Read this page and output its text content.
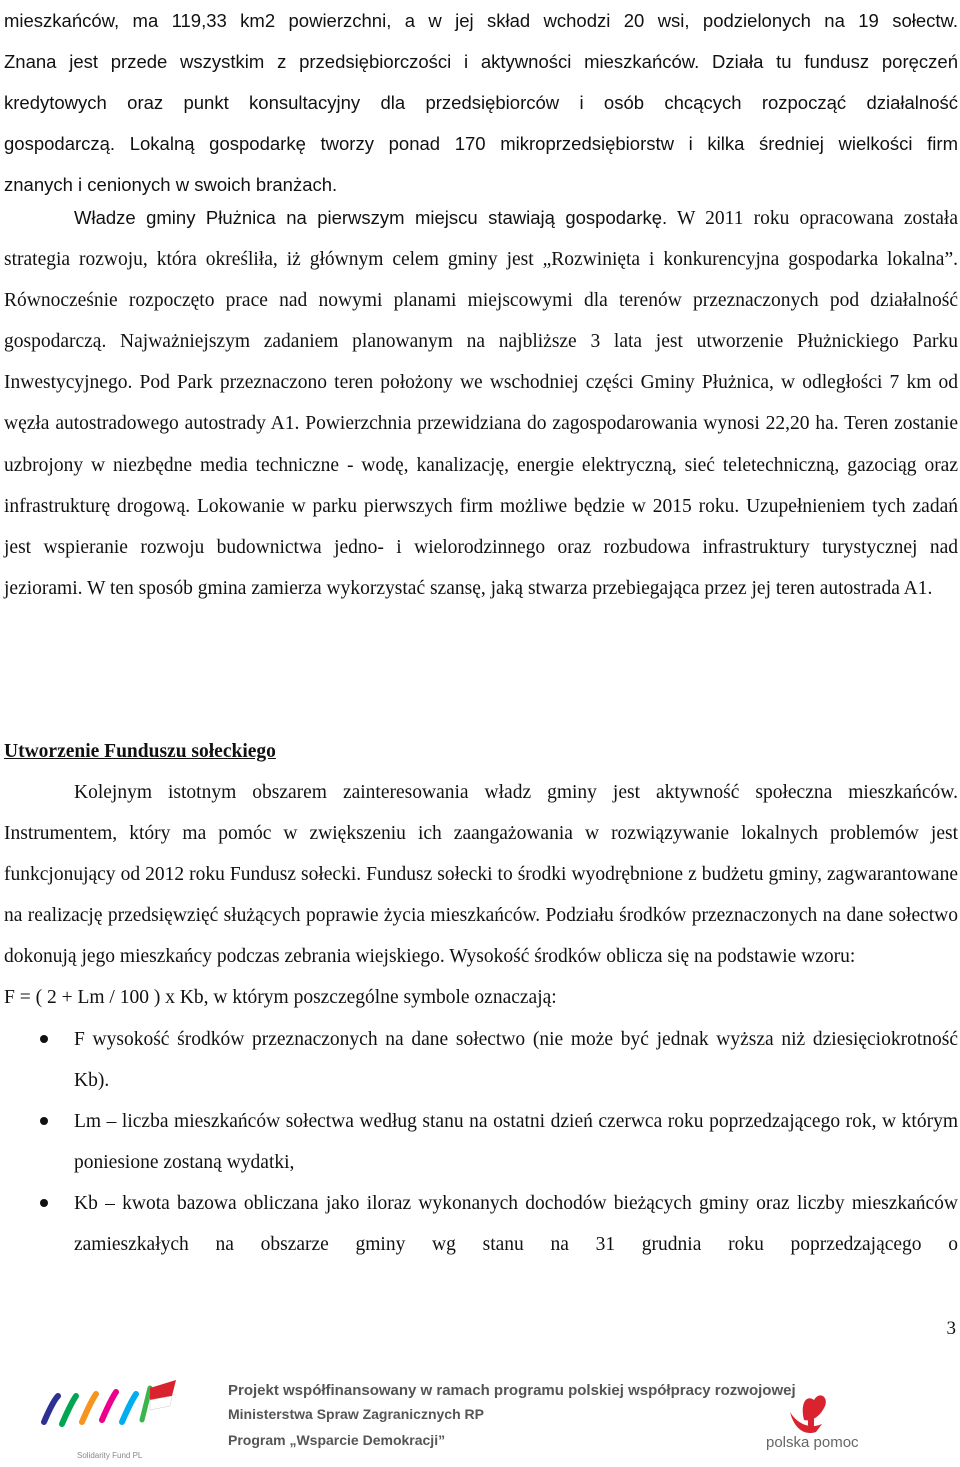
mieszkańców, ma 119,33 km2 powierzchni, a w jej skład wchodzi 20 wsi, podzielonych na 19 sołectw.
Znana jest przede wszystkim z przedsiębiorczości i aktywności mieszkańców. Działa tu fundusz poręczeń
kredytowych oraz punkt konsultacyjny dla przedsiębiorców i osób chcących rozpocząć działalność
gospodarczą. Lokalną gospodarkę tworzy ponad 170 mikroprzedsiębiorstw i kilka średniej wielkości firm
znanych i cenionych w swoich branżach.

Władze gminy Płużnica na pierwszym miejscu stawiają gospodarkę. W 2011 roku opracowana została strategia rozwoju, która określiła, iż głównym celem gminy jest „Rozwinięta i konkurencyjna gospodarka lokalna”. Równocześnie rozpoczęto prace nad nowymi planami miejscowymi dla terenów przeznaczonych pod działalność gospodarczą. Najważniejszym zadaniem planowanym na najbliższe 3 lata jest utworzenie Płużnickiego Parku Inwestycyjnego. Pod Park przeznaczono teren położony we wschodniej części Gminy Płużnica, w odległości 7 km od węzła autostradowego autostrady A1. Powierzchnia przewidziana do zagospodarowania wynosi 22,20 ha. Teren zostanie uzbrojony w niezbędne media techniczne - wodę, kanalizację, energie elektryczną, sieć teletechniczną, gazociąg oraz infrastrukturę drogową. Lokowanie w parku pierwszych firm możliwe będzie w 2015 roku. Uzupełnieniem tych zadań jest wspieranie rozwoju budownictwa jedno- i wielorodzinnego oraz rozbudowa infrastruktury turystycznej nad jeziorami. W ten sposób gmina zamierza wykorzystać szansę, jaką stwarza przebiegająca przez jej teren autostrada A1.

Utworzenie Funduszu sołeckiego

Kolejnym istotnym obszarem zainteresowania władz gminy jest aktywność społeczna mieszkańców. Instrumentem, który ma pomóc w zwiększeniu ich zaangażowania w rozwiązywanie lokalnych problemów jest funkcjonujący od 2012 roku Fundusz sołecki. Fundusz sołecki to środki wyodrębnione z budżetu gminy, zagwarantowane na realizację przedsięwzięć służących poprawie życia mieszkańców. Podziału środków przeznaczonych na dane sołectwo dokonują jego mieszkańcy podczas zebrania wiejskiego. Wysokość środków oblicza się na podstawie wzoru:

F = ( 2 + Lm / 100 ) x Kb, w którym poszczególne symbole oznaczają:

F wysokość środków przeznaczonych na dane sołectwo (nie może być jednak wyższa niż dziesięciokrotność Kb).
Lm – liczba mieszkańców sołectwa według stanu na ostatni dzień czerwca roku poprzedzającego rok, w którym poniesione zostaną wydatki,
Kb – kwota bazowa obliczana jako iloraz wykonanych dochodów bieżących gminy oraz liczby mieszkańców zamieszkałych na obszarze gminy wg stanu na 31 grudnia roku poprzedzającego o
3
Projekt współfinansowany w ramach programu polskiej współpracy rozwojowej
Ministerstwa Spraw Zagranicznych RP
Program „Wsparcie Demokracji”
Solidarity Fund PL
polska pomoc
